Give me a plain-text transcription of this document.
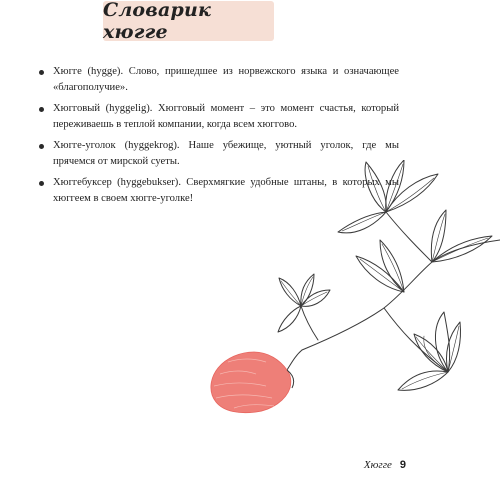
Словарик хюгге
Хюгге (hygge). Слово, пришедшее из норвежского языка и означающее «благополучие».
Хюгговый (hyggelig). Хюгговый момент – это момент счастья, который переживаешь в теплой компании, когда всем хюгговo.
Хюгге-уголок (hyggekrog). Наше убежище, уютный уголок, где мы прячемся от мирской суеты.
Хюггебуксер (hyggebukser). Сверхмягкие удобные штаны, в которых мы хюггеем в своем хюгге-уголке!
Хюгге 9
